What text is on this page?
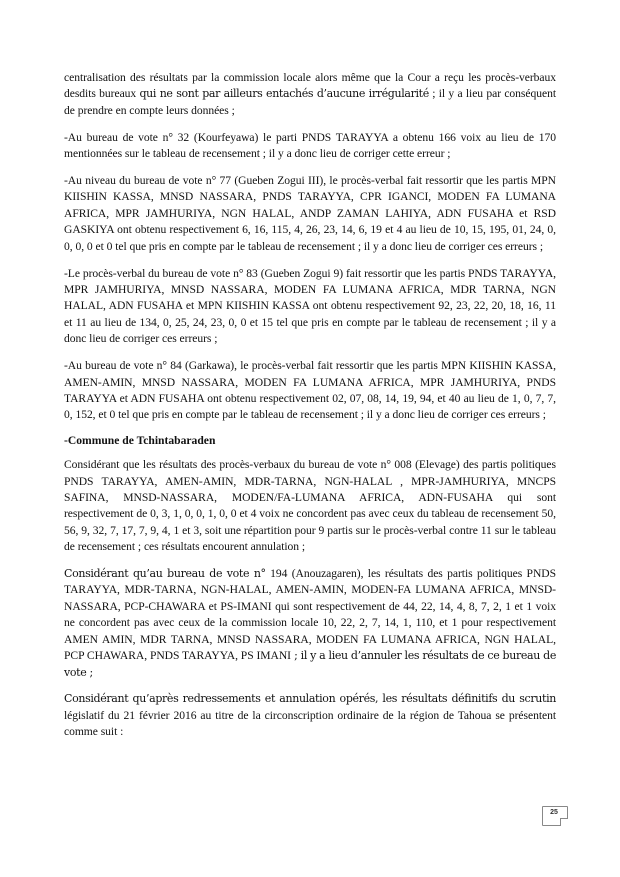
centralisation des résultats par la commission locale alors même que la Cour a reçu les procès-verbaux desdits bureaux qui ne sont par ailleurs entachés d’aucune irrégularité ; il y a lieu par conséquent de prendre en compte leurs données ;

-Au bureau de vote n° 32 (Kourfeyawa) le parti PNDS TARAYYA a obtenu 166 voix au lieu de 170 mentionnées sur le tableau de recensement ; il y a donc lieu de corriger cette erreur ;

-Au niveau du bureau de vote n° 77 (Gueben Zogui III), le procès-verbal fait ressortir que les partis MPN KIISHIN KASSA, MNSD NASSARA, PNDS TARAYYA, CPR IGANCI, MODEN FA LUMANA AFRICA, MPR JAMHURIYA, NGN HALAL, ANDP ZAMAN LAHIYA, ADN FUSAHA et RSD GASKIYA ont obtenu respectivement 6, 16, 115, 4, 26, 23, 14, 6, 19 et 4 au lieu de 10, 15, 195, 01, 24, 0, 0, 0, 0 et 0 tel que pris en compte par le tableau de recensement ; il y a donc lieu de corriger ces erreurs ;

-Le procès-verbal du bureau de vote n° 83 (Gueben Zogui 9) fait ressortir que les partis PNDS TARAYYA, MPR JAMHURIYA, MNSD NASSARA, MODEN FA LUMANA AFRICA, MDR TARNA, NGN HALAL, ADN FUSAHA et MPN KIISHIN KASSA ont obtenu respectivement 92, 23, 22, 20, 18, 16, 11 et 11 au lieu de 134, 0, 25, 24, 23, 0, 0 et 15 tel que pris en compte par le tableau de recensement ; il y a donc lieu de corriger ces erreurs ;

-Au bureau de vote n° 84 (Garkawa), le procès-verbal fait ressortir que les partis MPN KIISHIN KASSA, AMEN-AMIN, MNSD NASSARA, MODEN FA LUMANA AFRICA, MPR JAMHURIYA, PNDS TARAYYA et ADN FUSAHA ont obtenu respectivement 02, 07, 08, 14, 19, 94, et 40 au lieu de 1, 0, 7, 7, 0, 152, et 0 tel que pris en compte par le tableau de recensement ; il y a donc lieu de corriger ces erreurs ;

-Commune de Tchintabaraden

Considérant que les résultats des procès-verbaux du bureau de vote n° 008 (Elevage) des partis politiques PNDS TARAYYA, AMEN-AMIN, MDR-TARNA, NGN-HALAL , MPR-JAMHURIYA, MNCPS SAFINA, MNSD-NASSARA, MODEN/FA-LUMANA AFRICA, ADN-FUSAHA qui sont respectivement de 0, 3, 1, 0, 0, 1, 0, 0 et 4 voix ne concordent pas avec ceux du tableau de recensement 50, 56, 9, 32, 7, 17, 7, 9, 4, 1 et 3, soit une répartition pour 9 partis sur le procès-verbal contre 11 sur le tableau de recensement ; ces résultats encourent annulation ;

Considérant qu’au bureau de vote n° 194 (Anouzagaren), les résultats des partis politiques PNDS TARAYYA, MDR-TARNA, NGN-HALAL, AMEN-AMIN, MODEN-FA LUMANA AFRICA, MNSD-NASSARA, PCP-CHAWARA et PS-IMANI qui sont respectivement de 44, 22, 14, 4, 8, 7, 2, 1 et 1 voix ne concordent pas avec ceux de la commission locale 10, 22, 2, 7, 14, 1, 110, et 1 pour respectivement AMEN AMIN, MDR TARNA, MNSD NASSARA, MODEN FA LUMANA AFRICA, NGN HALAL, PCP CHAWARA, PNDS TARAYYA, PS IMANI ; il y a lieu d’annuler les résultats de ce bureau de vote ;

Considérant qu’après redressements et annulation opérés, les résultats définitifs du scrutin législatif du 21 février 2016 au titre de la circonscription ordinaire de la région de Tahoua se présentent comme suit :

25
